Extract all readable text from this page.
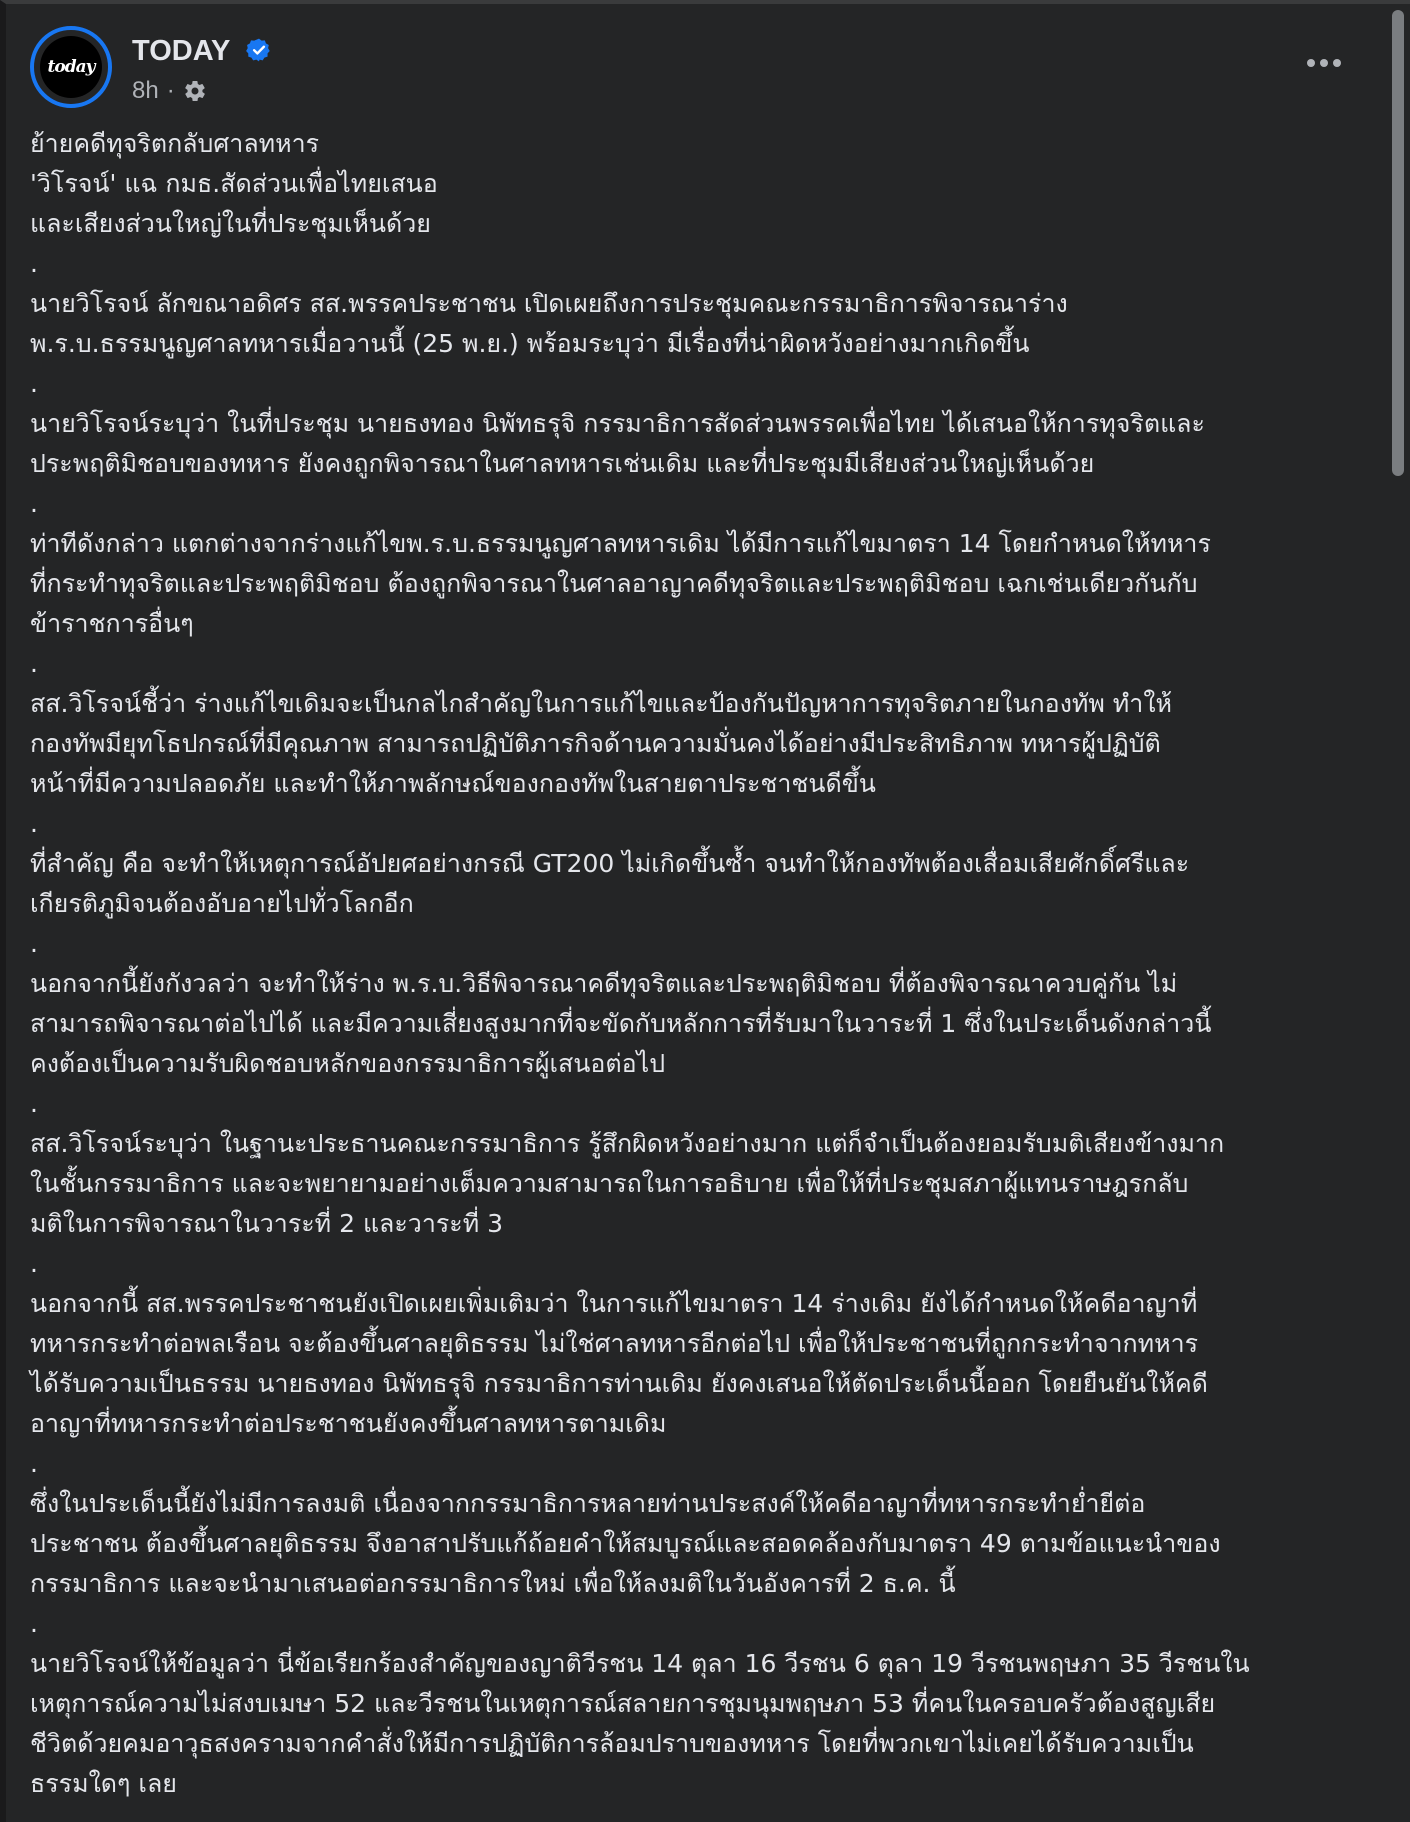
today TODAY
8h ·
ย้ายคดีทุจริตกลับศาลทหาร
'วิโรจน์' แฉ กมธ.สัดส่วนเพื่อไทยเสนอ
และเสียงส่วนใหญ่ในที่ประชุมเห็นด้วย
.
นายวิโรจน์ ลักขณาอดิศร สส.พรรคประชาชน เปิดเผยถึงการประชุมคณะกรรมาธิการพิจารณาร่าง
พ.ร.บ.ธรรมนูญศาลทหารเมื่อวานนี้ (25 พ.ย.) พร้อมระบุว่า มีเรื่องที่น่าผิดหวังอย่างมากเกิดขึ้น
.
นายวิโรจน์ระบุว่า ในที่ประชุม นายธงทอง นิพัทธรุจิ กรรมาธิการสัดส่วนพรรคเพื่อไทย ได้เสนอให้การทุจริตและ
ประพฤติมิชอบของทหาร ยังคงถูกพิจารณาในศาลทหารเช่นเดิม และที่ประชุมมีเสียงส่วนใหญ่เห็นด้วย
.
ท่าทีดังกล่าว แตกต่างจากร่างแก้ไขพ.ร.บ.ธรรมนูญศาลทหารเดิม ได้มีการแก้ไขมาตรา 14 โดยกำหนดให้ทหาร
ที่กระทำทุจริตและประพฤติมิชอบ ต้องถูกพิจารณาในศาลอาญาคดีทุจริตและประพฤติมิชอบ เฉกเช่นเดียวกันกับ
ข้าราชการอื่นๆ
.
สส.วิโรจน์ชี้ว่า ร่างแก้ไขเดิมจะเป็นกลไกสำคัญในการแก้ไขและป้องกันปัญหาการทุจริตภายในกองทัพ ทำให้
กองทัพมียุทโธปกรณ์ที่มีคุณภาพ สามารถปฏิบัติภารกิจด้านความมั่นคงได้อย่างมีประสิทธิภาพ ทหารผู้ปฏิบัติ
หน้าที่มีความปลอดภัย และทำให้ภาพลักษณ์ของกองทัพในสายตาประชาชนดีขึ้น
.
ที่สำคัญ คือ จะทำให้เหตุการณ์อัปยศอย่างกรณี GT200 ไม่เกิดขึ้นซ้ำ จนทำให้กองทัพต้องเสื่อมเสียศักดิ์ศรีและ
เกียรติภูมิจนต้องอับอายไปทั่วโลกอีก
.
นอกจากนี้ยังกังวลว่า จะทำให้ร่าง พ.ร.บ.วิธีพิจารณาคดีทุจริตและประพฤติมิชอบ ที่ต้องพิจารณาควบคู่กัน ไม่
สามารถพิจารณาต่อไปได้ และมีความเสี่ยงสูงมากที่จะขัดกับหลักการที่รับมาในวาระที่ 1 ซึ่งในประเด็นดังกล่าวนี้
คงต้องเป็นความรับผิดชอบหลักของกรรมาธิการผู้เสนอต่อไป
.
สส.วิโรจน์ระบุว่า ในฐานะประธานคณะกรรมาธิการ รู้สึกผิดหวังอย่างมาก แต่ก็จำเป็นต้องยอมรับมติเสียงข้างมาก
ในชั้นกรรมาธิการ และจะพยายามอย่างเต็มความสามารถในการอธิบาย เพื่อให้ที่ประชุมสภาผู้แทนราษฎรกลับ
มติในการพิจารณาในวาระที่ 2 และวาระที่ 3
.
นอกจากนี้ สส.พรรคประชาชนยังเปิดเผยเพิ่มเติมว่า ในการแก้ไขมาตรา 14 ร่างเดิม ยังได้กำหนดให้คดีอาญาที่
ทหารกระทำต่อพลเรือน จะต้องขึ้นศาลยุติธรรม ไม่ใช่ศาลทหารอีกต่อไป เพื่อให้ประชาชนที่ถูกกระทำจากทหาร
ได้รับความเป็นธรรม นายธงทอง นิพัทธรุจิ กรรมาธิการท่านเดิม ยังคงเสนอให้ตัดประเด็นนี้ออก โดยยืนยันให้คดี
อาญาที่ทหารกระทำต่อประชาชนยังคงขึ้นศาลทหารตามเดิม
.
ซึ่งในประเด็นนี้ยังไม่มีการลงมติ เนื่องจากกรรมาธิการหลายท่านประสงค์ให้คดีอาญาที่ทหารกระทำย่ำยีต่อ
ประชาชน ต้องขึ้นศาลยุติธรรม จึงอาสาปรับแก้ถ้อยคำให้สมบูรณ์และสอดคล้องกับมาตรา 49 ตามข้อแนะนำของ
กรรมาธิการ และจะนำมาเสนอต่อกรรมาธิการใหม่ เพื่อให้ลงมติในวันอังคารที่ 2 ธ.ค. นี้
.
นายวิโรจน์ให้ข้อมูลว่า นี่ข้อเรียกร้องสำคัญของญาติวีรชน 14 ตุลา 16 วีรชน 6 ตุลา 19 วีรชนพฤษภา 35 วีรชนใน
เหตุการณ์ความไม่สงบเมษา 52 และวีรชนในเหตุการณ์สลายการชุมนุมพฤษภา 53 ที่คนในครอบครัวต้องสูญเสีย
ชีวิตด้วยคมอาวุธสงครามจากคำสั่งให้มีการปฏิบัติการล้อมปราบของทหาร โดยที่พวกเขาไม่เคยได้รับความเป็น
ธรรมใดๆ เลย
